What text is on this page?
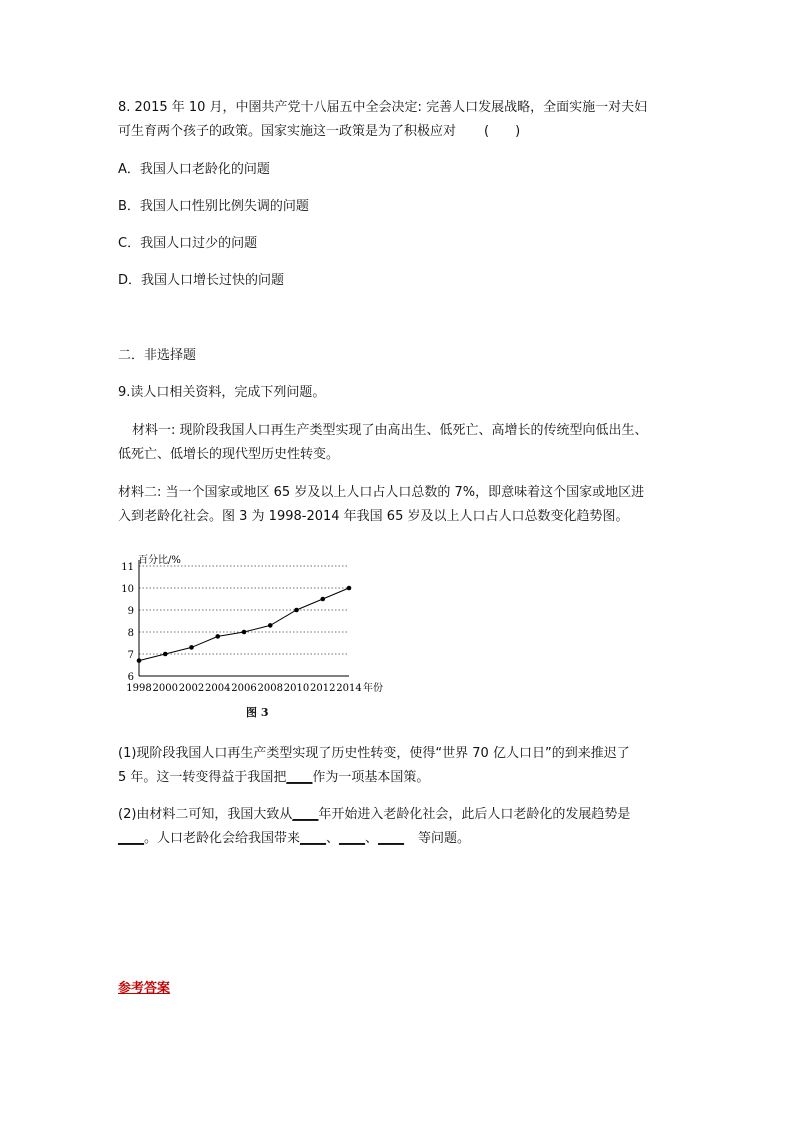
8. 2015 年 10 月，中圉共产党十八届五中全会决定: 完善人口发展战略，全面实施一对夫妇

可生育两个孩子的政策。国家实施这一政策是为了积极应对 (　　)

A．我国人口老龄化的问题

B．我国人口性别比例失调的问题

C．我国人口过少的问题

D．我国人口增长过快的问题

二．非选择题

9.读人口相关资料，完成下列问题。

材料一: 现阶段我国人口再生产类型实现了由高出生、低死亡、高增长的传统型向低出生、

低死亡、低增长的现代型历史性转变。

材料二: 当一个国家或地区 65 岁及以上人口占人口总数的 7%，即意味着这个国家或地区进

入到老龄化社会。图 3 为 1998-2014 年我国 65 岁及以上人口占人口总数变化趋势图。

6
7
8
9
10
11
1998 2000 2002 2004 2006 2008 2010 2012 2014
百分比/%
年份
图 3

(1)现阶段我国人口再生产类型实现了历史性转变，使得“世界 70 亿人口日”的到来推迟了

5 年。这一转变得益于我国把____作为一项基本国策。

(2)由材料二可知，我国大致从____年开始进入老龄化社会，此后人口老龄化的发展趋势是

____。人口老龄化会给我国带来____、____、____ 等问题。

参考答案
